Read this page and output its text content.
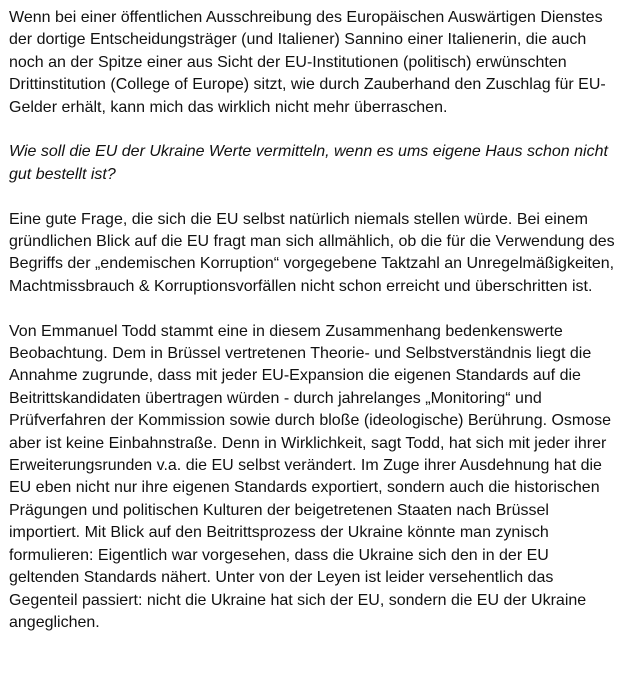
Wenn bei einer öffentlichen Ausschreibung des Europäischen Auswärtigen Dienstes
der dortige Entscheidungsträger (und Italiener) Sannino einer Italienerin, die auch
noch an der Spitze einer aus Sicht der EU-Institutionen (politisch) erwünschten
Drittinstitution (College of Europe) sitzt, wie durch Zauberhand den Zuschlag für EU-
Gelder erhält, kann mich das wirklich nicht mehr überraschen.

Wie soll die EU der Ukraine Werte vermitteln, wenn es ums eigene Haus schon nicht
gut bestellt ist?

Eine gute Frage, die sich die EU selbst natürlich niemals stellen würde. Bei einem
gründlichen Blick auf die EU fragt man sich allmählich, ob die für die Verwendung des
Begriffs der „endemischen Korruption“ vorgegebene Taktzahl an Unregelmäßigkeiten,
Machtmissbrauch & Korruptionsvorfällen nicht schon erreicht und überschritten ist.

Von Emmanuel Todd stammt eine in diesem Zusammenhang bedenkenswerte
Beobachtung. Dem in Brüssel vertretenen Theorie- und Selbstverständnis liegt die
Annahme zugrunde, dass mit jeder EU-Expansion die eigenen Standards auf die
Beitrittskandidaten übertragen würden - durch jahrelanges „Monitoring“ und
Prüfverfahren der Kommission sowie durch bloße (ideologische) Berührung. Osmose
aber ist keine Einbahnstraße. Denn in Wirklichkeit, sagt Todd, hat sich mit jeder ihrer
Erweiterungsrunden v.a. die EU selbst verändert. Im Zuge ihrer Ausdehnung hat die
EU eben nicht nur ihre eigenen Standards exportiert, sondern auch die historischen
Prägungen und politischen Kulturen der beigetretenen Staaten nach Brüssel
importiert. Mit Blick auf den Beitrittsprozess der Ukraine könnte man zynisch
formulieren: Eigentlich war vorgesehen, dass die Ukraine sich den in der EU
geltenden Standards nähert. Unter von der Leyen ist leider versehentlich das
Gegenteil passiert: nicht die Ukraine hat sich der EU, sondern die EU der Ukraine
angeglichen.
